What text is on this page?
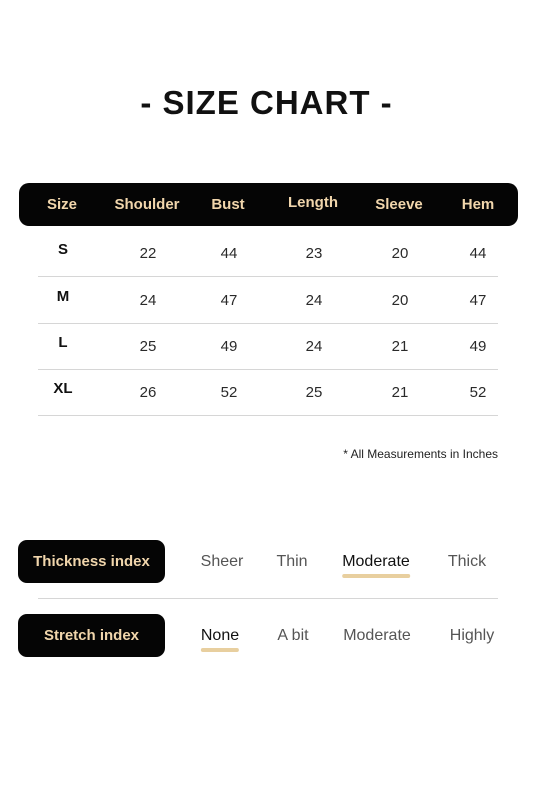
- SIZE CHART -
Size Shoulder Bust	Length Sleeve	Hem
S	22	44	23	20	44
M	24	47	24	20	47
L	25	49	24	21	49
XL	26	52	25	21	52
* All Measurements in Inches
Thickness index	Sheer Thin Moderate Thick
Stretch index	None A bit Moderate Highly
